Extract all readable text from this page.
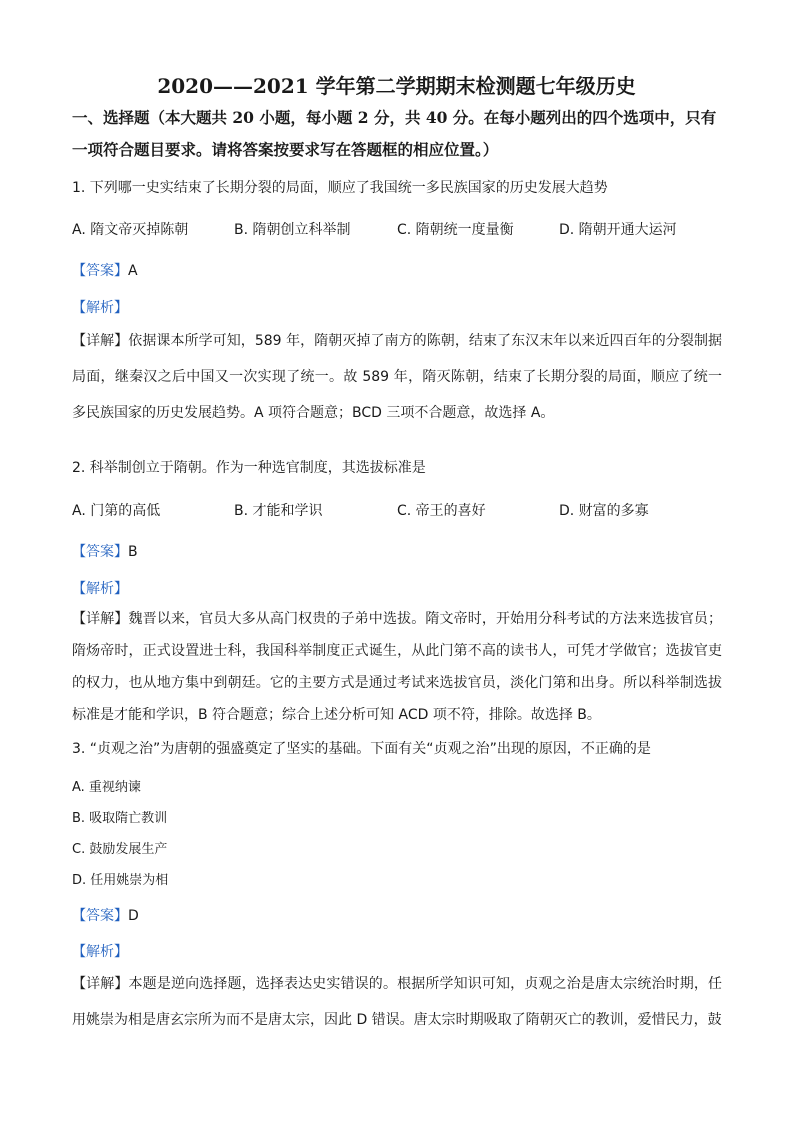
2020——2021 学年第二学期期末检测题七年级历史
一、选择题（本大题共 20 小题，每小题 2 分，共 40 分。在每小题列出的四个选项中，只有一项符合题目要求。请将答案按要求写在答题框的相应位置。）
1. 下列哪一史实结束了长期分裂的局面，顺应了我国统一多民族国家的历史发展大趋势
A. 隋文帝灭掉陈朝	B. 隋朝创立科举制	C. 隋朝统一度量衡	D. 隋朝开通大运河
【答案】A
【解析】
【详解】依据课本所学可知，589 年，隋朝灭掉了南方的陈朝，结束了东汉末年以来近四百年的分裂制据局面，继秦汉之后中国又一次实现了统一。故 589 年，隋灭陈朝，结束了长期分裂的局面，顺应了统一多民族国家的历史发展趋势。A 项符合题意；BCD 三项不合题意，故选择 A。
2. 科举制创立于隋朝。作为一种选官制度，其选拔标准是
A. 门第的高低	B. 才能和学识	C. 帝王的喜好	D. 财富的多寡
【答案】B
【解析】
【详解】魏晋以来，官员大多从高门权贵的子弟中选拔。隋文帝时，开始用分科考试的方法来选拔官员；隋炀帝时，正式设置进士科，我国科举制度正式诞生，从此门第不高的读书人，可凭才学做官；选拔官吏的权力，也从地方集中到朝廷。它的主要方式是通过考试来选拔官员，淡化门第和出身。所以科举制选拔标准是才能和学识，B 符合题意；综合上述分析可知 ACD 项不符，排除。故选择 B。
3. “贞观之治”为唐朝的强盛奠定了坚实的基础。下面有关“贞观之治”出现的原因，不正确的是
A. 重视纳谏
B. 吸取隋亡教训
C. 鼓励发展生产
D. 任用姚崇为相
【答案】D
【解析】
【详解】本题是逆向选择题，选择表达史实错误的。根据所学知识可知，贞观之治是唐太宗统治时期，任用姚崇为相是唐玄宗所为而不是唐太宗，因此 D 错误。唐太宗时期吸取了隋朝灭亡的教训，爱惜民力，鼓
